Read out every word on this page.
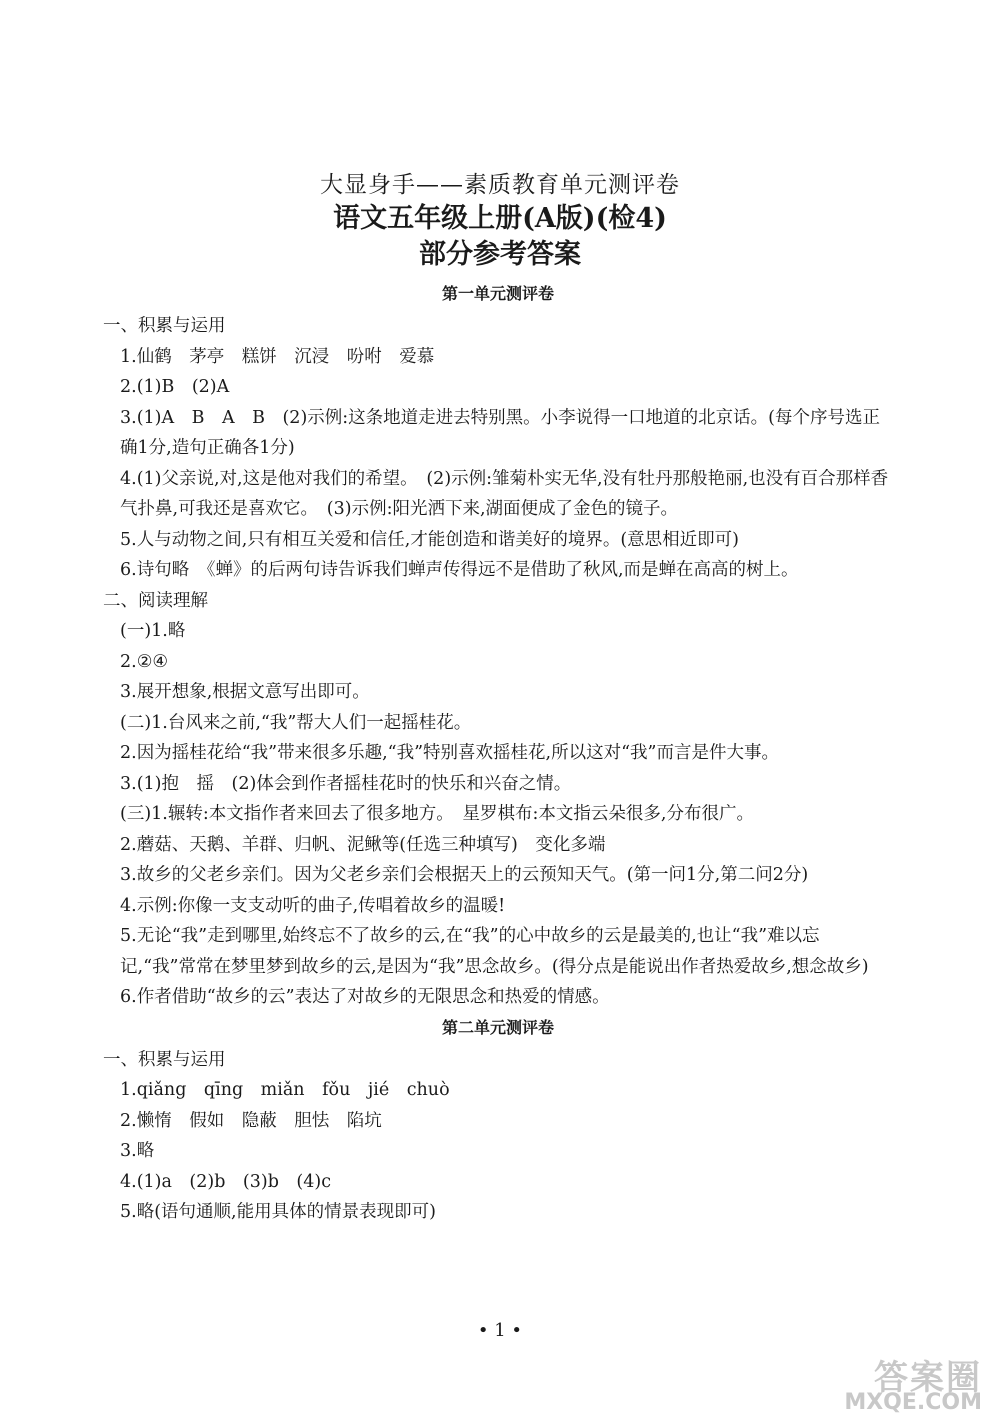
大显身手——素质教育单元测评卷
语文五年级上册(A版)(检4)
部分参考答案
第一单元测评卷
一、积累与运用
1.仙鹤　茅亭　糕饼　沉浸　吩咐　爱慕
2.(1)B　(2)A
3.(1)A　B　A　B　(2)示例:这条地道走进去特别黑。小李说得一口地道的北京话。(每个序号选正确1分,造句正确各1分)
4.(1)父亲说,对,这是他对我们的希望。　(2)示例:雏菊朴实无华,没有牡丹那般艳丽,也没有百合那样香气扑鼻,可我还是喜欢它。　(3)示例:阳光洒下来,湖面便成了金色的镜子。
5.人与动物之间,只有相互关爱和信任,才能创造和谐美好的境界。(意思相近即可)
6.诗句略　《蝉》的后两句诗告诉我们蝉声传得远不是借助了秋风,而是蝉在高高的树上。
二、阅读理解
(一)1.略
2.②④
3.展开想象,根据文意写出即可。
(二)1.台风来之前,“我”帮大人们一起摇桂花。
2.因为摇桂花给“我”带来很多乐趣,“我”特别喜欢摇桂花,所以这对“我”而言是件大事。
3.(1)抱　摇　(2)体会到作者摇桂花时的快乐和兴奋之情。
(三)1.辗转:本文指作者来回去了很多地方。　星罗棋布:本文指云朵很多,分布很广。
2.蘑菇、天鹅、羊群、归帆、泥鳅等(任选三种填写)　变化多端
3.故乡的父老乡亲们。因为父老乡亲们会根据天上的云预知天气。(第一问1分,第二问2分)
4.示例:你像一支支动听的曲子,传唱着故乡的温暖!
5.无论“我”走到哪里,始终忘不了故乡的云,在“我”的心中故乡的云是最美的,也让“我”难以忘记,“我”常常在梦里梦到故乡的云,是因为“我”思念故乡。(得分点是能说出作者热爱故乡,想念故乡)
6.作者借助“故乡的云”表达了对故乡的无限思念和热爱的情感。
第二单元测评卷
一、积累与运用
1.qiǎng　qīng　miǎn　fǒu　jié　chuò
2.懒惰　假如　隐蔽　胆怯　陷坑
3.略
4.(1)a　(2)b　(3)b　(4)c
5.略(语句通顺,能用具体的情景表现即可)
• 1 •
答案圈
MXQE.COM
